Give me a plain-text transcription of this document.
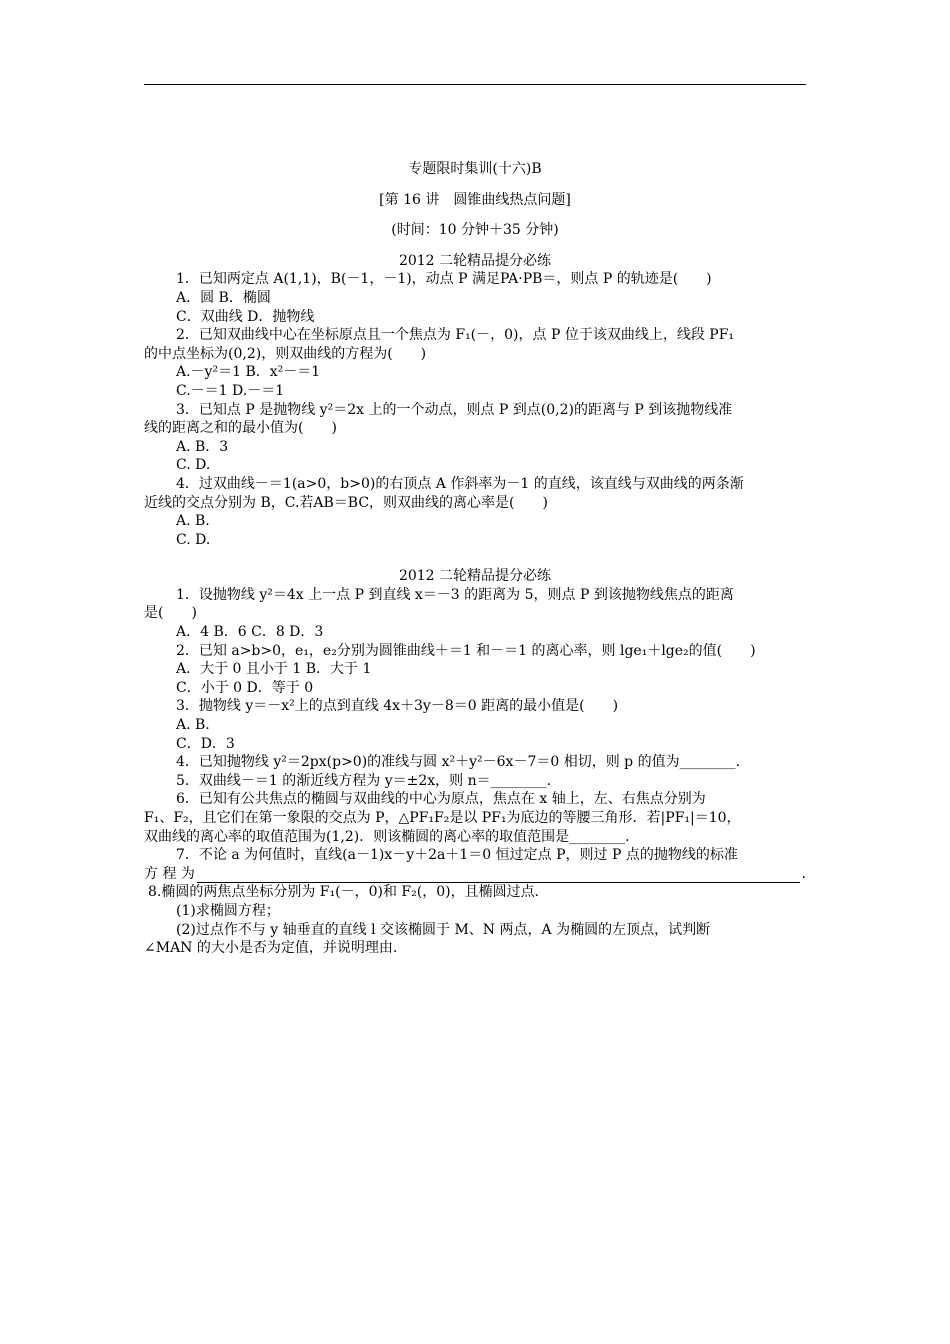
专题限时集训(十六)B
[第 16 讲　圆锥曲线热点问题]
(时间：10 分钟＋35 分钟)
2012 二轮精品提分必练
1．已知两定点 A(1,1)，B(－1，－1)，动点 P 满足PA·PB＝，则点 P 的轨迹是(　　)
A．圆 B．椭圆
C．双曲线 D．抛物线
2．已知双曲线中心在坐标原点且一个焦点为 F₁(－，0)，点 P 位于该双曲线上，线段 PF₁
的中点坐标为(0,2)，则双曲线的方程为(　　)
A.－y²＝1 B．x²－＝1
C.－＝1 D.－＝1
3．已知点 P 是抛物线 y²＝2x 上的一个动点，则点 P 到点(0,2)的距离与 P 到该抛物线准
线的距离之和的最小值为(　　)
A. B．3
C. D.
4．过双曲线－＝1(a>0，b>0)的右顶点 A 作斜率为－1 的直线，该直线与双曲线的两条渐
近线的交点分别为 B，C.若AB＝BC，则双曲线的离心率是(　　)
A. B.
C. D.
2012 二轮精品提分必练
1．设抛物线 y²＝4x 上一点 P 到直线 x＝－3 的距离为 5，则点 P 到该抛物线焦点的距离
是(　　)
A．4 B．6 C．8 D．3
2．已知 a>b>0，e₁，e₂分别为圆锥曲线＋＝1 和－＝1 的离心率，则 lge₁＋lge₂的值(　　)
A．大于 0 且小于 1 B．大于 1
C．小于 0 D．等于 0
3．抛物线 y＝－x²上的点到直线 4x＋3y－8＝0 距离的最小值是(　　)
A. B.
C．D．3
4．已知抛物线 y²＝2px(p>0)的准线与圆 x²＋y²－6x－7＝0 相切，则 p 的值为________.
5．双曲线－＝1 的渐近线方程为 y＝±2x，则 n＝________.
6．已知有公共焦点的椭圆与双曲线的中心为原点，焦点在 x 轴上，左、右焦点分别为
F₁、F₂，且它们在第一象限的交点为 P，△PF₁F₂是以 PF₁为底边的等腰三角形．若|PF₁|＝10，
双曲线的离心率的取值范围为(1,2)．则该椭圆的离心率的取值范围是________.
7．不论 a 为何值时，直线(a－1)x－y＋2a＋1＝0 恒过定点 P，则过 P 点的抛物线的标准
方 程 为	.
8.椭圆的两焦点坐标分别为 F₁(－，0)和 F₂(，0)，且椭圆过点.
(1)求椭圆方程；
(2)过点作不与 y 轴垂直的直线 l 交该椭圆于 M、N 两点，A 为椭圆的左顶点，试判断
∠MAN 的大小是否为定值，并说明理由.
